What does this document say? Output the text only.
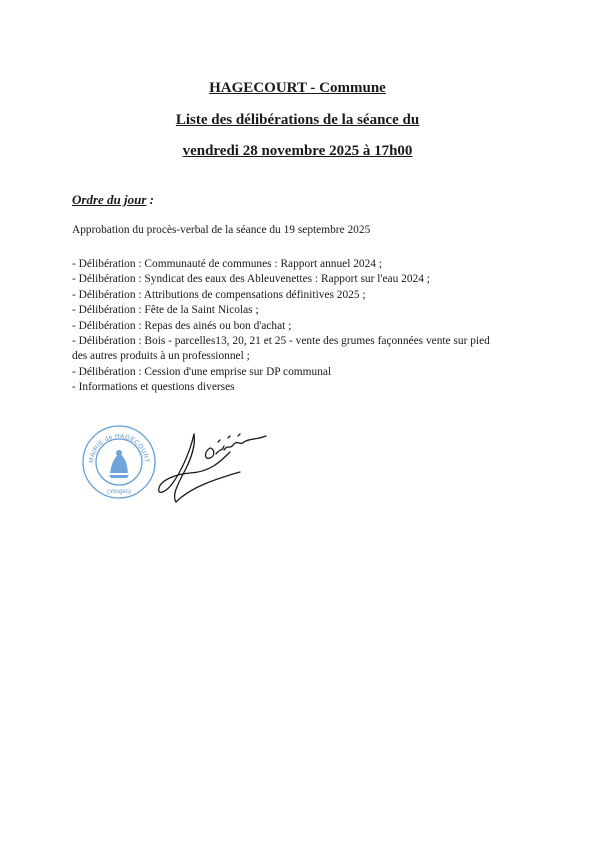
HAGECOURT - Commune
Liste des délibérations de la séance du
vendredi 28 novembre 2025 à 17h00
Ordre du jour :
Approbation du procès-verbal de la séance du 19 septembre 2025
- Délibération : Communauté de communes : Rapport annuel 2024 ;
- Délibération : Syndicat des eaux des Ableuvenettes : Rapport sur l'eau 2024 ;
- Délibération : Attributions de compensations définitives 2025 ;
- Délibération : Fête de la Saint Nicolas ;
- Délibération : Repas des ainés ou bon d'achat ;
- Délibération : Bois - parcelles13, 20, 21 et 25 - vente des grumes façonnées vente sur pied
des autres produits à un professionnel ;
- Délibération : Cession d'une emprise sur DP communal
- Informations et questions diverses
MAIRIE de HAGECOURT
(Vosges)
